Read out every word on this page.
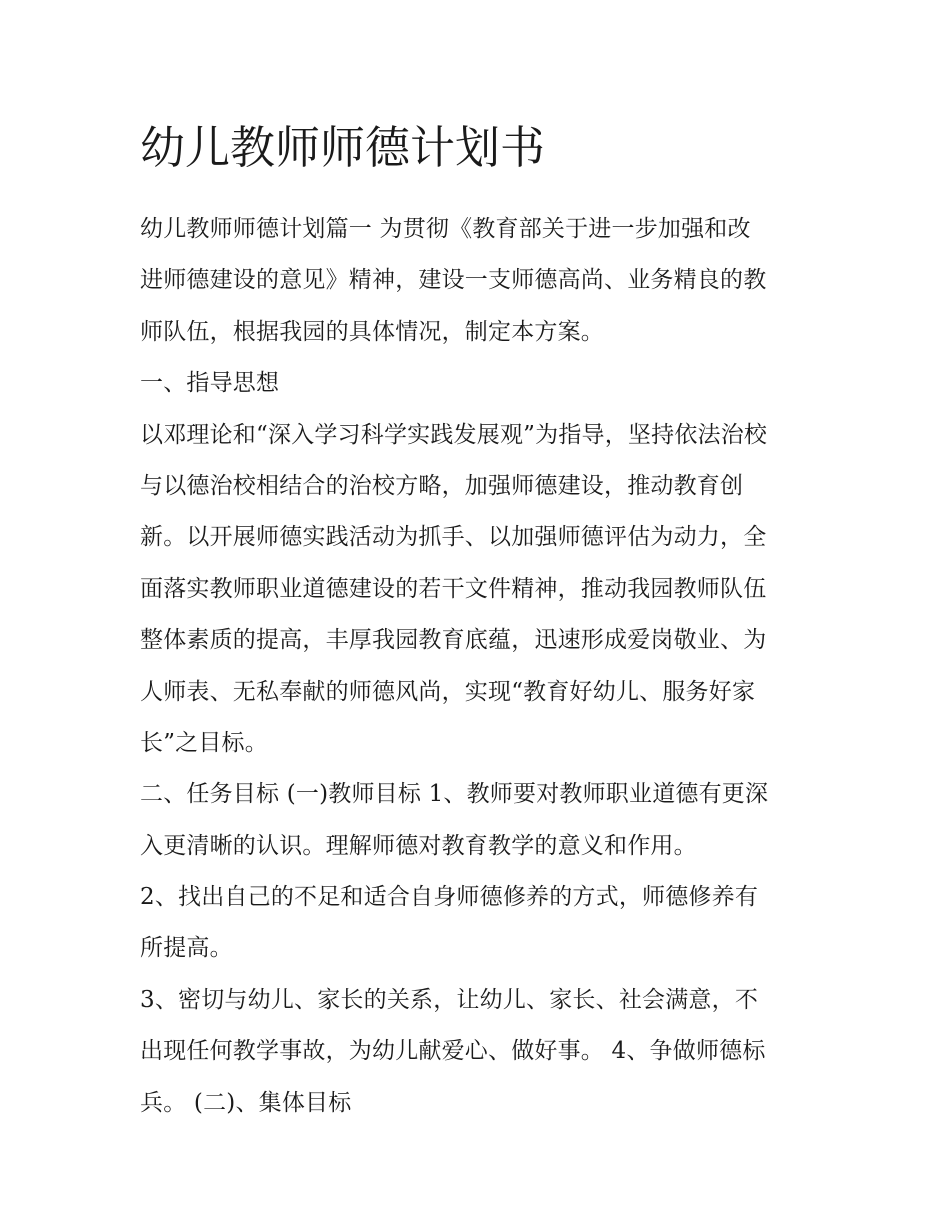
幼儿教师师德计划书
幼儿教师师德计划篇一 为贯彻《教育部关于进一步加强和改
进师德建设的意见》精神，建设一支师德高尚、业务精良的教
师队伍，根据我园的具体情况，制定本方案。
一、指导思想
以邓理论和“深入学习科学实践发展观”为指导，坚持依法治校
与以德治校相结合的治校方略，加强师德建设，推动教育创
新。以开展师德实践活动为抓手、以加强师德评估为动力，全
面落实教师职业道德建设的若干文件精神，推动我园教师队伍
整体素质的提高，丰厚我园教育底蕴，迅速形成爱岗敬业、为
人师表、无私奉献的师德风尚，实现“教育好幼儿、服务好家
长”之目标。
二、任务目标 (一)教师目标 1、教师要对教师职业道德有更深
入更清晰的认识。理解师德对教育教学的意义和作用。
2、找出自己的不足和适合自身师德修养的方式，师德修养有
所提高。
3、密切与幼儿、家长的关系，让幼儿、家长、社会满意，不
出现任何教学事故，为幼儿献爱心、做好事。 4、争做师德标
兵。 (二)、集体目标
